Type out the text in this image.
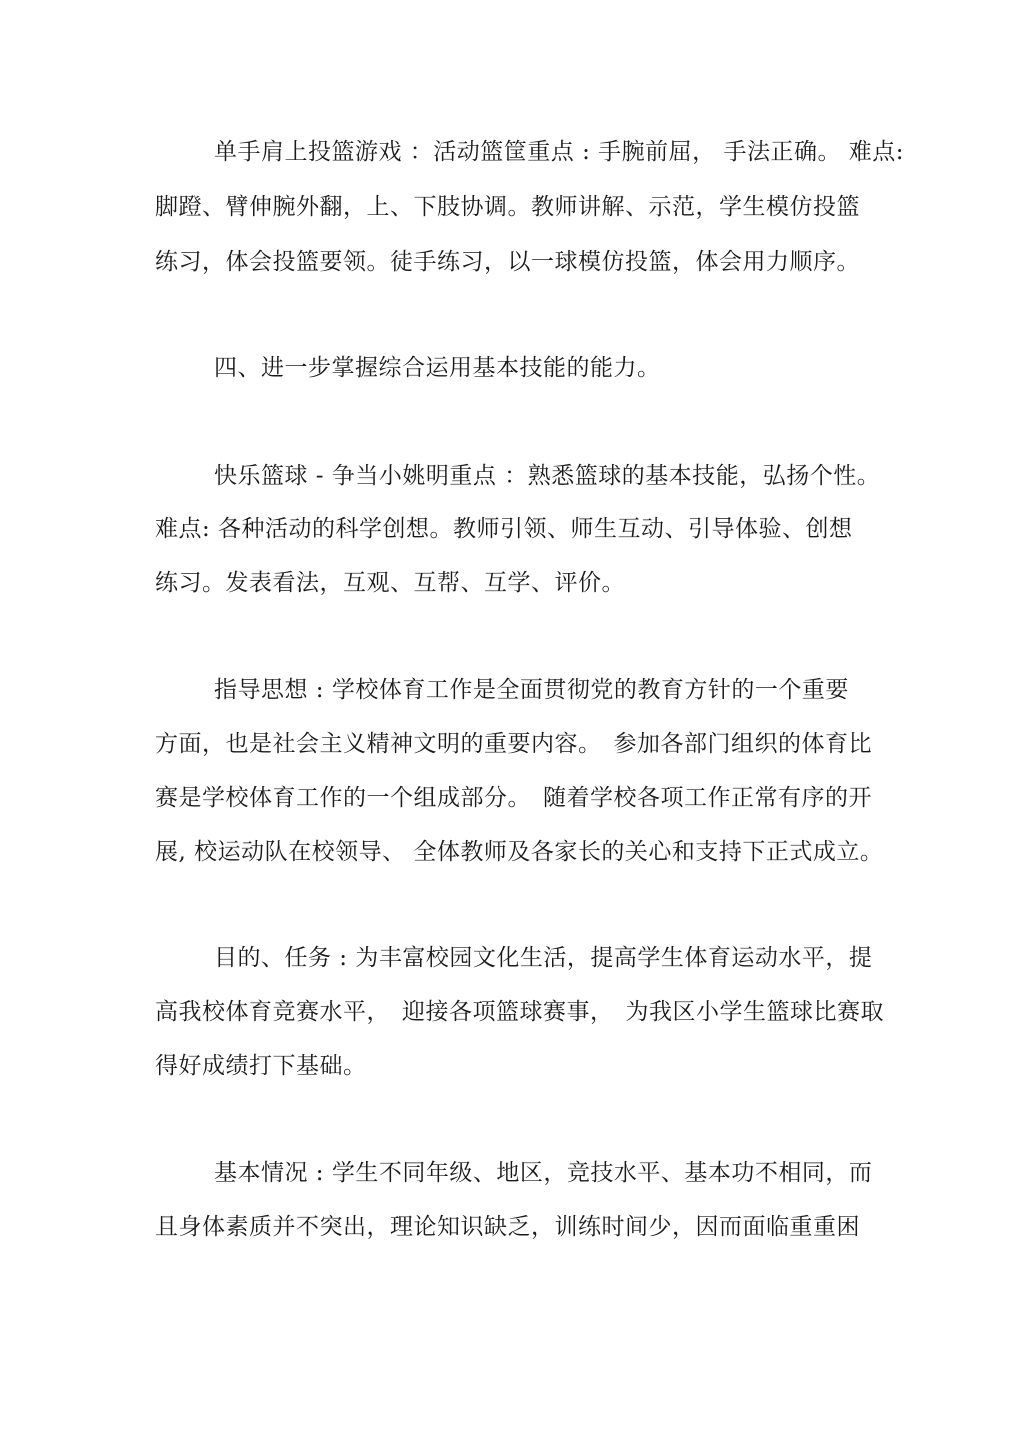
单手肩上投篮游戏 ：活动篮筐重点 : 手腕前屈， 手法正确。 难点:
脚蹬、臂伸腕外翻，上、下肢协调。教师讲解、示范，学生模仿投篮
练习，体会投篮要领。徒手练习，以一球模仿投篮，体会用力顺序。
四、进一步掌握综合运用基本技能的能力。
快乐篮球 - 争当小姚明重点 ：熟悉篮球的基本技能，弘扬个性。
难点: 各种活动的科学创想。教师引领、师生互动、引导体验、创想
练习。发表看法，互观、互帮、互学、评价。
指导思想 : 学校体育工作是全面贯彻党的教育方针的一个重要
方面，也是社会主义精神文明的重要内容。　参加各部门组织的体育比
赛是学校体育工作的一个组成部分。　随着学校各项工作正常有序的开
展, 校运动队在校领导、 全体教师及各家长的关心和支持下正式成立。
目的、任务 : 为丰富校园文化生活，提高学生体育运动水平，提
高我校体育竞赛水平，　迎接各项篮球赛事，　为我区小学生篮球比赛取
得好成绩打下基础。
基本情况 : 学生不同年级、地区，竞技水平、基本功不相同，而
且身体素质并不突出，理论知识缺乏，训练时间少，因而面临重重困
